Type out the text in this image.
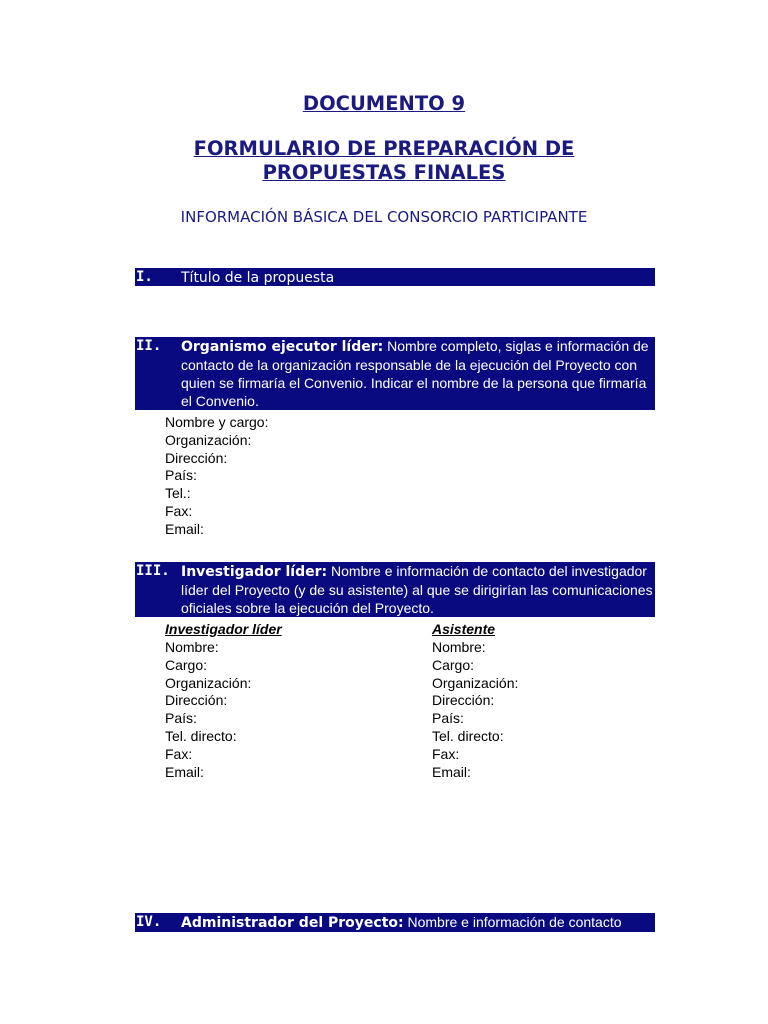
DOCUMENTO 9
FORMULARIO DE PREPARACIÓN DE
PROPUESTAS FINALES
INFORMACIÓN BÁSICA DEL CONSORCIO PARTICIPANTE
I. Título de la propuesta
II. Organismo ejecutor líder: Nombre completo, siglas e información de contacto de la organización responsable de la ejecución del Proyecto con quien se firmaría el Convenio. Indicar el nombre de la persona que firmaría el Convenio.
Nombre y cargo:
Organización:
Dirección:
País:
Tel.:
Fax:
Email:
III. Investigador líder: Nombre e información de contacto del investigador líder del Proyecto (y de su asistente) al que se dirigirían las comunicaciones oficiales sobre la ejecución del Proyecto.
Investigador líder
Nombre:
Cargo:
Organización:
Dirección:
País:
Tel. directo:
Fax:
Email:
Asistente
Nombre:
Cargo:
Organización:
Dirección:
País:
Tel. directo:
Fax:
Email:
IV. Administrador del Proyecto: Nombre e información de contacto
